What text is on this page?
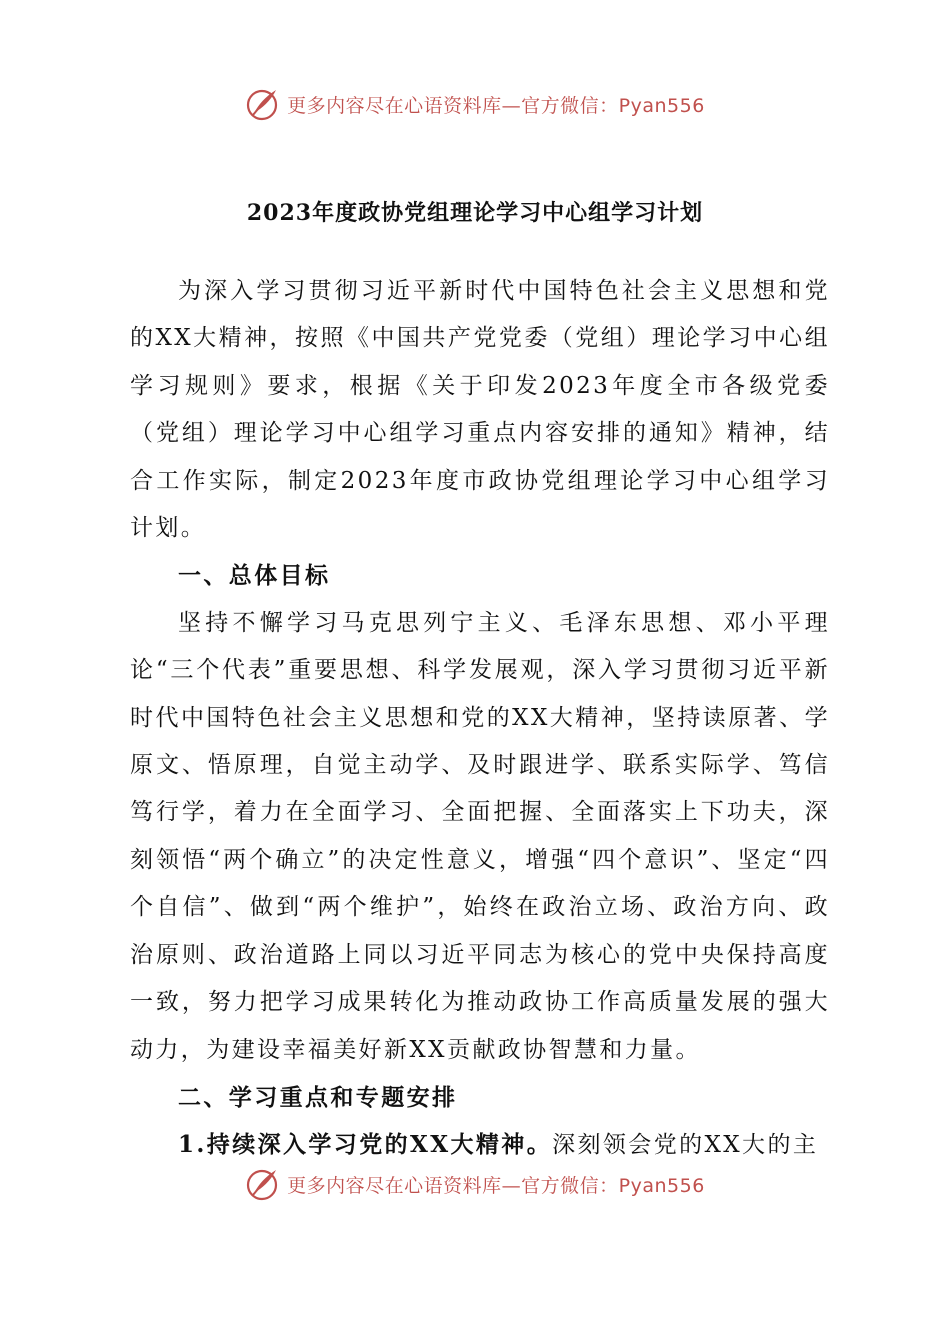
更多内容尽在心语资料库—官方微信：Pyan556
2023年度政协党组理论学习中心组学习计划

为深入学习贯彻习近平新时代中国特色社会主义思想和党的XX大精神，按照《中国共产党党委（党组）理论学习中心组学习规则》要求，根据《关于印发2023年度全市各级党委（党组）理论学习中心组学习重点内容安排的通知》精神，结合工作实际，制定2023年度市政协党组理论学习中心组学习计划。

一、总体目标

坚持不懈学习马克思列宁主义、毛泽东思想、邓小平理论“三个代表”重要思想、科学发展观，深入学习贯彻习近平新时代中国特色社会主义思想和党的XX大精神，坚持读原著、学原文、悟原理，自觉主动学、及时跟进学、联系实际学、笃信笃行学，着力在全面学习、全面把握、全面落实上下功夫，深刻领悟“两个确立”的决定性意义，增强“四个意识”、坚定“四个自信”、做到“两个维护”，始终在政治立场、政治方向、政治原则、政治道路上同以习近平同志为核心的党中央保持高度一致，努力把学习成果转化为推动政协工作高质量发展的强大动力，为建设幸福美好新XX贡献政协智慧和力量。

二、学习重点和专题安排

1.持续深入学习党的XX大精神。深刻领会党的XX大的主

更多内容尽在心语资料库—官方微信：Pyan556
